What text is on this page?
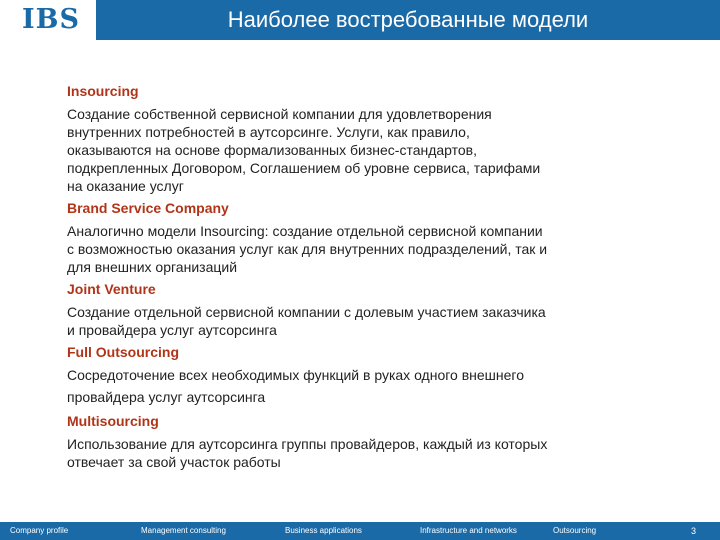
IBS	Наиболее востребованные модели
Insourcing
Создание собственной сервисной компании для удовлетворения
внутренних потребностей в аутсорсинге. Услуги, как правило,
оказываются на основе формализованных бизнес-стандартов,
подкрепленных Договором, Соглашением об уровне сервиса, тарифами
на оказание услуг
Brand Service Company
Аналогично модели Insourcing: создание отдельной сервисной компании
с возможностью оказания услуг как для внутренних подразделений, так и
для внешних организаций
Joint Venture
Создание отдельной сервисной компании с долевым участием заказчика
и провайдера услуг аутсорсинга
Full Outsourcing
Сосредоточение всех необходимых функций в руках одного внешнего
провайдера услуг аутсорсинга
Multisourcing
Использование для аутсорсинга группы провайдеров, каждый из которых
отвечает за свой участок работы
Company profile	Management consulting	Business applications	Infrastructure and networks	Outsourcing	3
